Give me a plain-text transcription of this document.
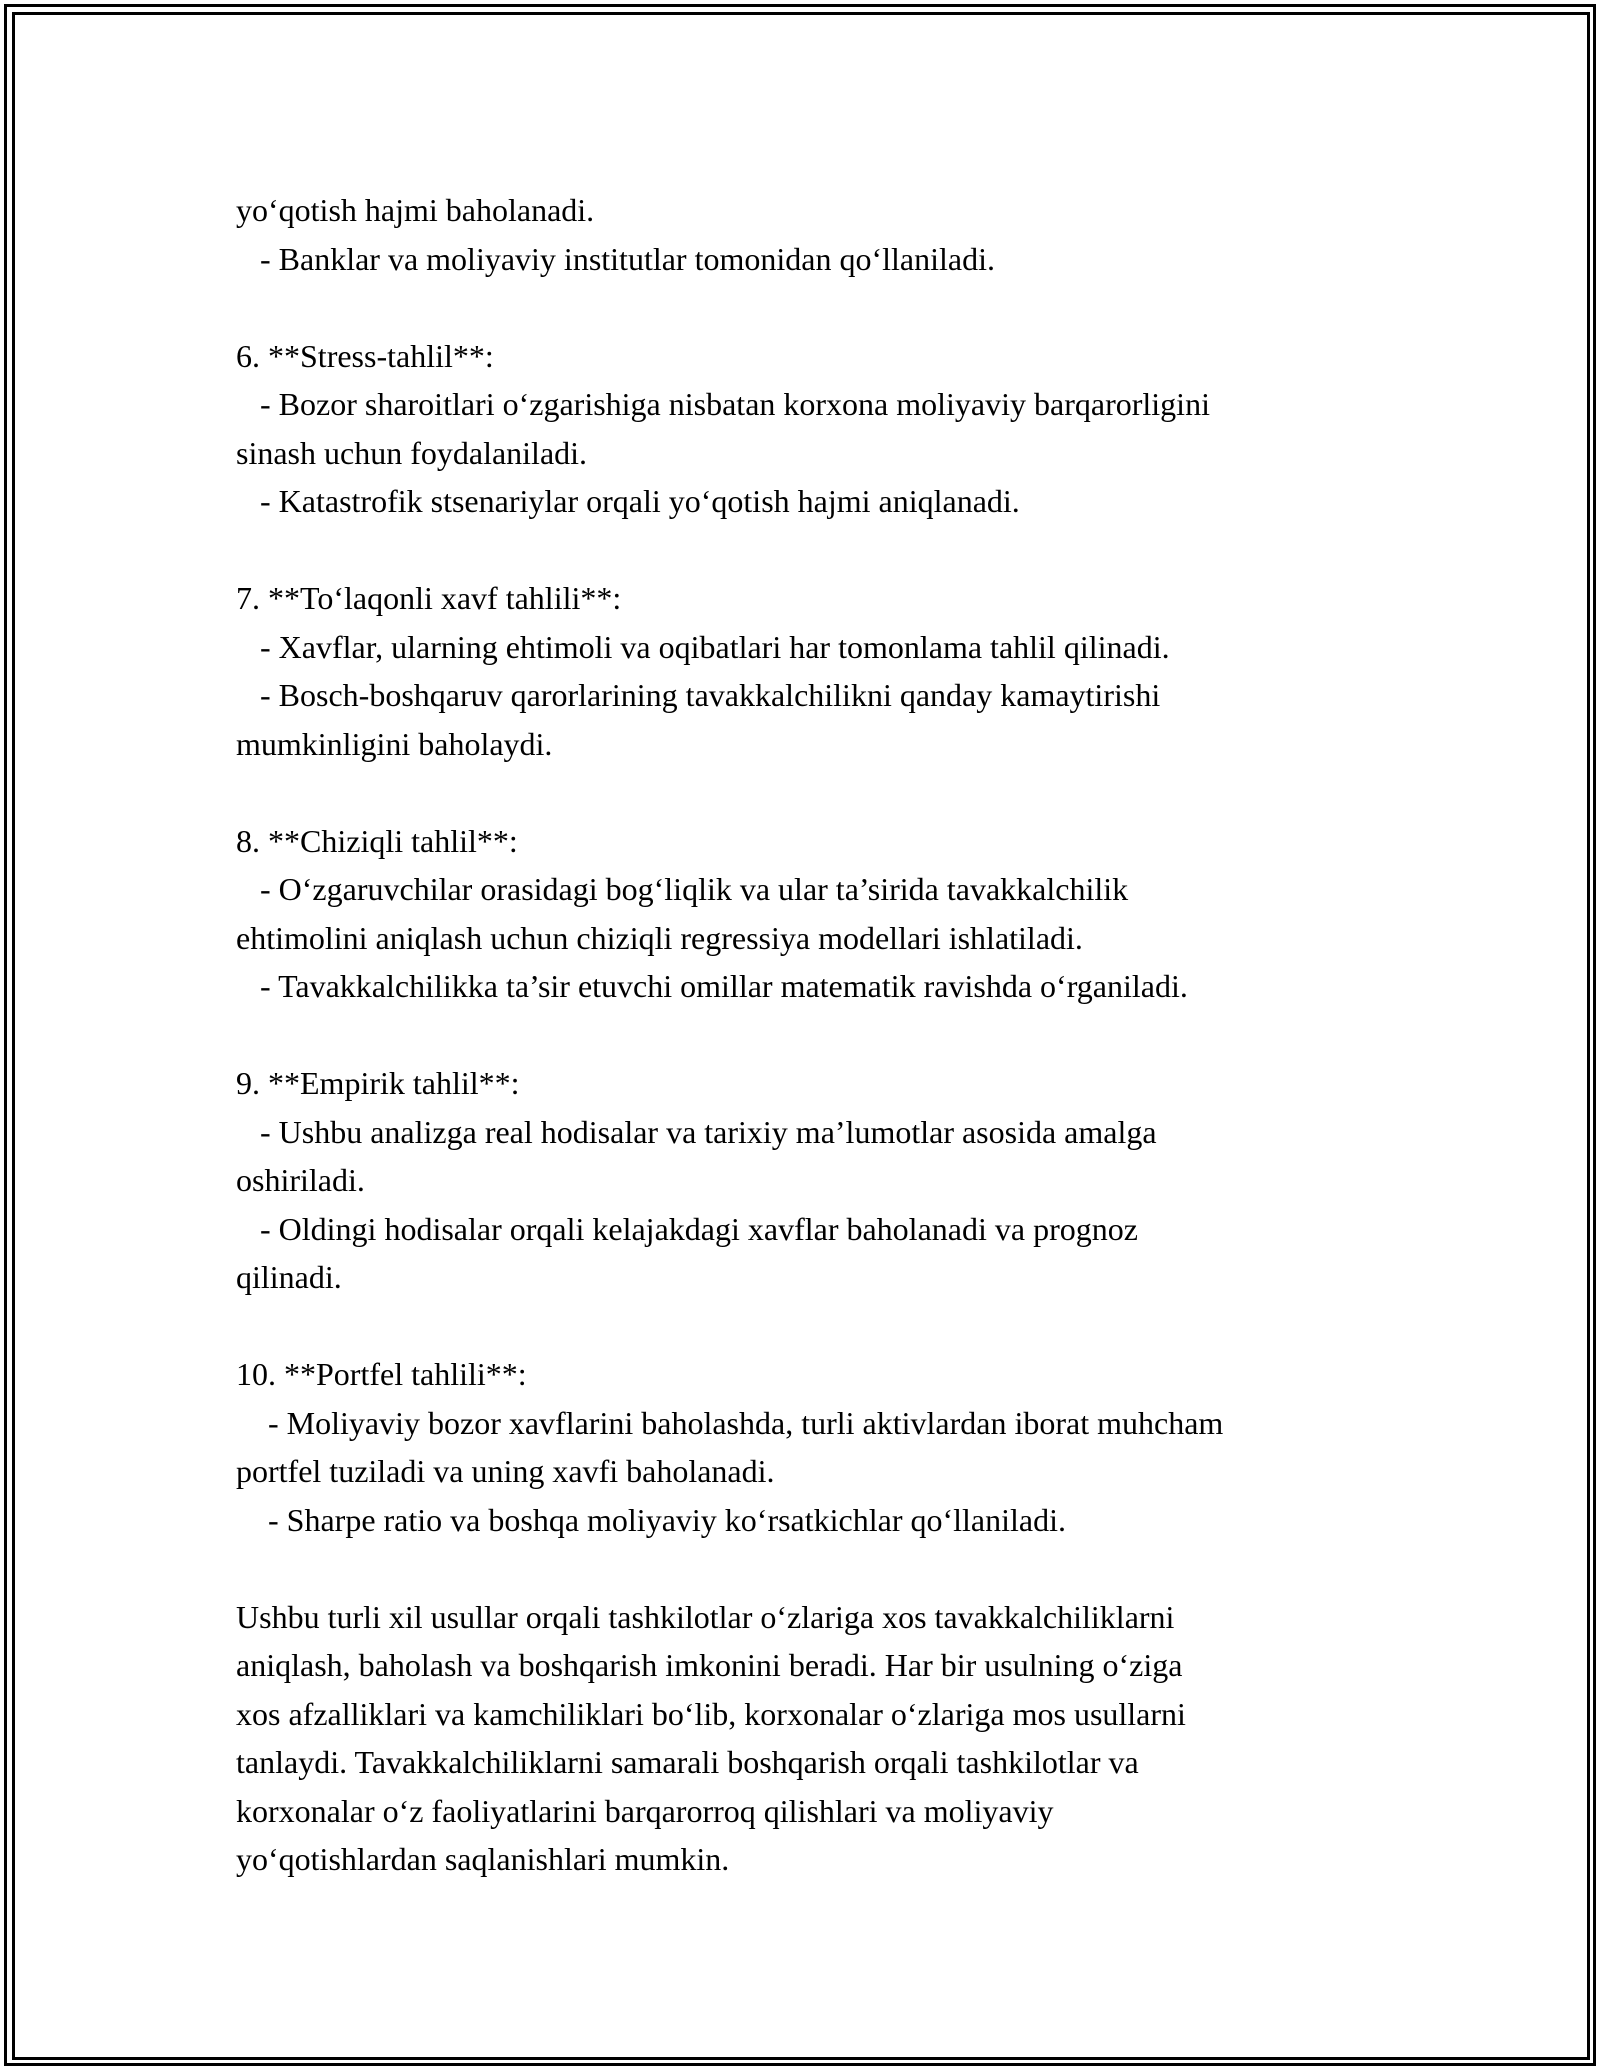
yo‘qotish hajmi baholanadi.
- Banklar va moliyaviy institutlar tomonidan qo‘llaniladi.
6. **Stress-tahlil**:
- Bozor sharoitlari o‘zgarishiga nisbatan korxona moliyaviy barqarorligini
sinash uchun foydalaniladi.
- Katastrofik stsenariylar orqali yo‘qotish hajmi aniqlanadi.
7. **To‘laqonli xavf tahlili**:
- Xavflar, ularning ehtimoli va oqibatlari har tomonlama tahlil qilinadi.
- Bosch-boshqaruv qarorlarining tavakkalchilikni qanday kamaytirishi
mumkinligini baholaydi.
8. **Chiziqli tahlil**:
- O‘zgaruvchilar orasidagi bog‘liqlik va ular ta’sirida tavakkalchilik
ehtimolini aniqlash uchun chiziqli regressiya modellari ishlatiladi.
- Tavakkalchilikka ta’sir etuvchi omillar matematik ravishda o‘rganiladi.
9. **Empirik tahlil**:
- Ushbu analizga real hodisalar va tarixiy ma’lumotlar asosida amalga
oshiriladi.
- Oldingi hodisalar orqali kelajakdagi xavflar baholanadi va prognoz
qilinadi.
10. **Portfel tahlili**:
- Moliyaviy bozor xavflarini baholashda, turli aktivlardan iborat muhcham
portfel tuziladi va uning xavfi baholanadi.
- Sharpe ratio va boshqa moliyaviy ko‘rsatkichlar qo‘llaniladi.
Ushbu turli xil usullar orqali tashkilotlar o‘zlariga xos tavakkalchiliklarni
aniqlash, baholash va boshqarish imkonini beradi. Har bir usulning o‘ziga
xos afzalliklari va kamchiliklari bo‘lib, korxonalar o‘zlariga mos usullarni
tanlaydi. Tavakkalchiliklarni samarali boshqarish orqali tashkilotlar va
korxonalar o‘z faoliyatlarini barqarorroq qilishlari va moliyaviy
yo‘qotishlardan saqlanishlari mumkin.
